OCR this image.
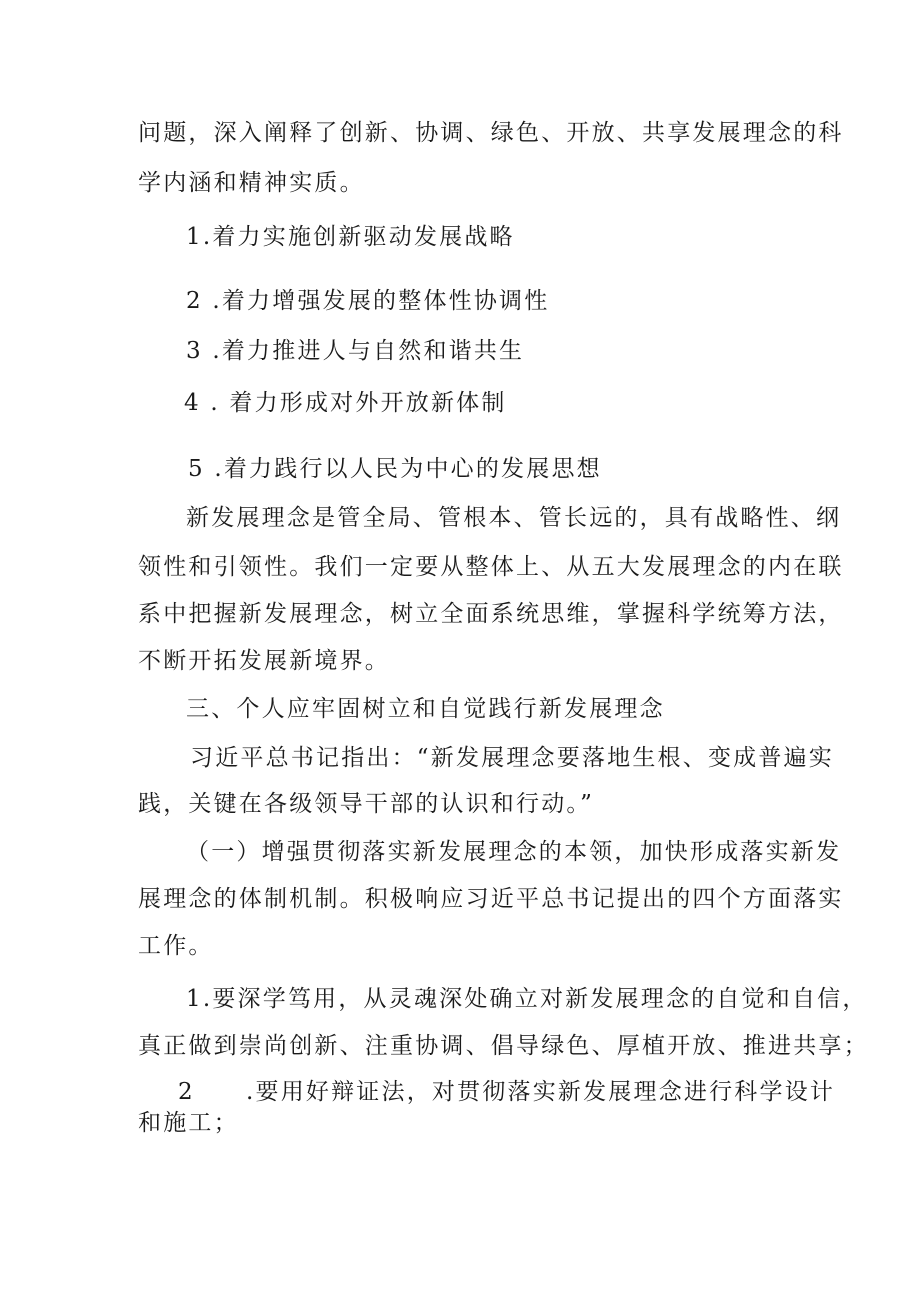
问题，深入阐释了创新、协调、绿色、开放、共享发展理念的科
学内涵和精神实质。
1.着力实施创新驱动发展战略
2 .着力增强发展的整体性协调性
3 .着力推进人与自然和谐共生
4 . 着力形成对外开放新体制
5 .着力践行以人民为中心的发展思想
新发展理念是管全局、管根本、管长远的，具有战略性、纲
领性和引领性。我们一定要从整体上、从五大发展理念的内在联
系中把握新发展理念，树立全面系统思维，掌握科学统筹方法，
不断开拓发展新境界。
三、个人应牢固树立和自觉践行新发展理念
习近平总书记指出：“新发展理念要落地生根、变成普遍实
践，关键在各级领导干部的认识和行动。”
（一）增强贯彻落实新发展理念的本领，加快形成落实新发
展理念的体制机制。积极响应习近平总书记提出的四个方面落实
工作。
1.要深学笃用，从灵魂深处确立对新发展理念的自觉和自信，
真正做到崇尚创新、注重协调、倡导绿色、厚植开放、推进共享；
2 .要用好辩证法，对贯彻落实新发展理念进行科学设计
和施工；
